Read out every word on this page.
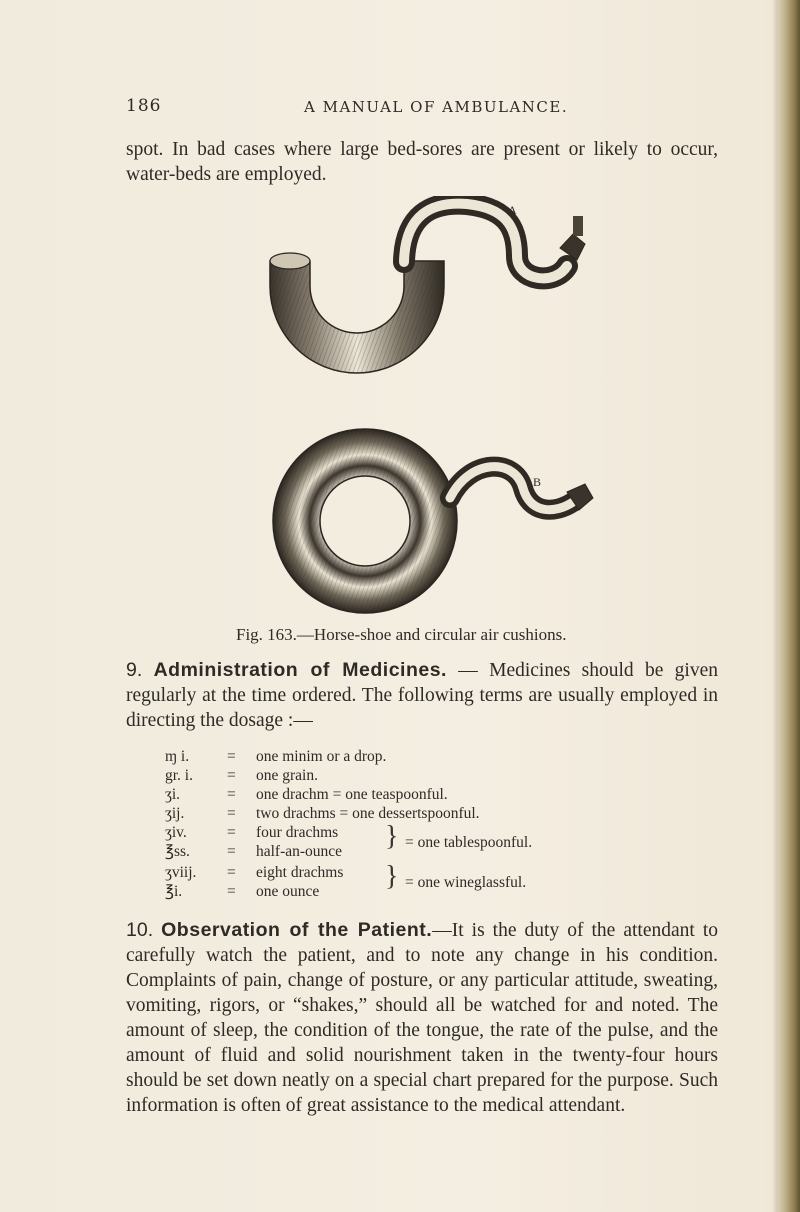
186	A MANUAL OF AMBULANCE.
spot. In bad cases where large bed-sores are present or likely to occur, water-beds are employed.
A
B
Fig. 163.—Horse-shoe and circular air cushions.
9. Administration of Medicines. — Medicines should be given regularly at the time ordered. The following terms are usually employed in directing the dosage :—
ɱ i.	= one minim or a drop.
gr. i.	= one grain.
ʒi.	= one drachm = one teaspoonful.
ʒij.	= two drachms = one dessertspoonful.
ʒiv.	= four drachms
℥ss.	= half-an-ounce } = one tablespoonful.
ʒviij.	= eight drachms
℥i.	= one ounce } = one wineglassful.
10. Observation of the Patient.—It is the duty of the attendant to carefully watch the patient, and to note any change in his condition. Complaints of pain, change of posture, or any particular attitude, sweating, vomiting, rigors, or “shakes,” should all be watched for and noted. The amount of sleep, the condition of the tongue, the rate of the pulse, and the amount of fluid and solid nourishment taken in the twenty-four hours should be set down neatly on a special chart prepared for the purpose. Such information is often of great assistance to the medical attendant.
